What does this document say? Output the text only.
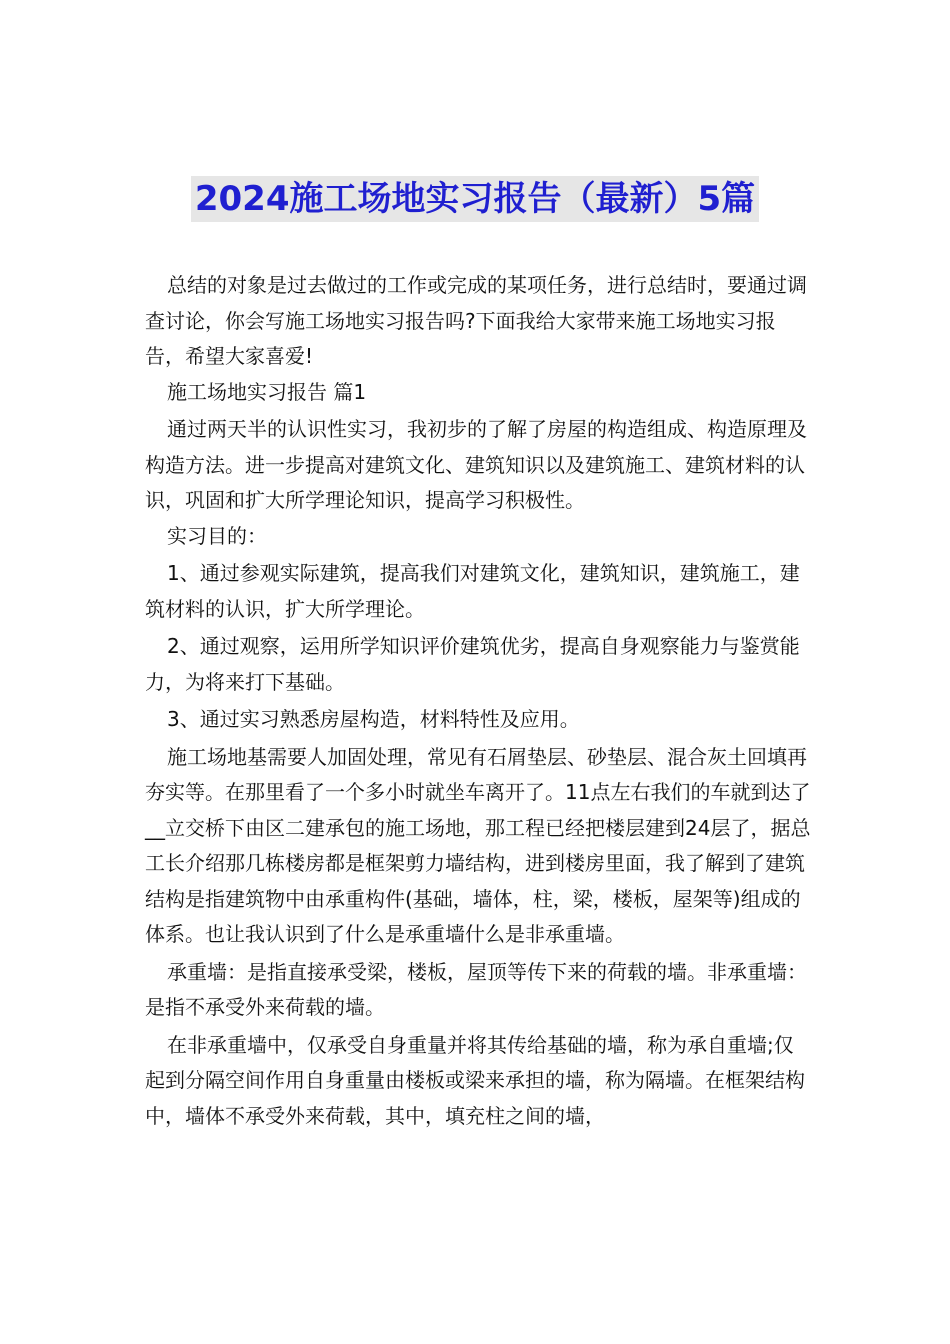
2024施工场地实习报告（最新）5篇

总结的对象是过去做过的工作或完成的某项任务，进行总结时，要通过调查讨论，你会写施工场地实习报告吗?下面我给大家带来施工场地实习报告，希望大家喜爱!

施工场地实习报告 篇1

通过两天半的认识性实习，我初步的了解了房屋的构造组成、构造原理及构造方法。进一步提高对建筑文化、建筑知识以及建筑施工、建筑材料的认识，巩固和扩大所学理论知识，提高学习积极性。

实习目的：

1、通过参观实际建筑，提高我们对建筑文化，建筑知识，建筑施工，建筑材料的认识，扩大所学理论。

2、通过观察，运用所学知识评价建筑优劣，提高自身观察能力与鉴赏能力，为将来打下基础。

3、通过实习熟悉房屋构造，材料特性及应用。

施工场地基需要人加固处理，常见有石屑垫层、砂垫层、混合灰土回填再夯实等。在那里看了一个多小时就坐车离开了。11点左右我们的车就到达了__立交桥下由区二建承包的施工场地，那工程已经把楼层建到24层了，据总工长介绍那几栋楼房都是框架剪力墙结构，进到楼房里面，我了解到了建筑结构是指建筑物中由承重构件(基础，墙体，柱，梁，楼板，屋架等)组成的体系。也让我认识到了什么是承重墙什么是非承重墙。

承重墙：是指直接承受梁，楼板，屋顶等传下来的荷载的墙。非承重墙：是指不承受外来荷载的墙。

在非承重墙中，仅承受自身重量并将其传给基础的墙，称为承自重墙;仅起到分隔空间作用自身重量由楼板或梁来承担的墙，称为隔墙。在框架结构中，墙体不承受外来荷载，其中，填充柱之间的墙，
